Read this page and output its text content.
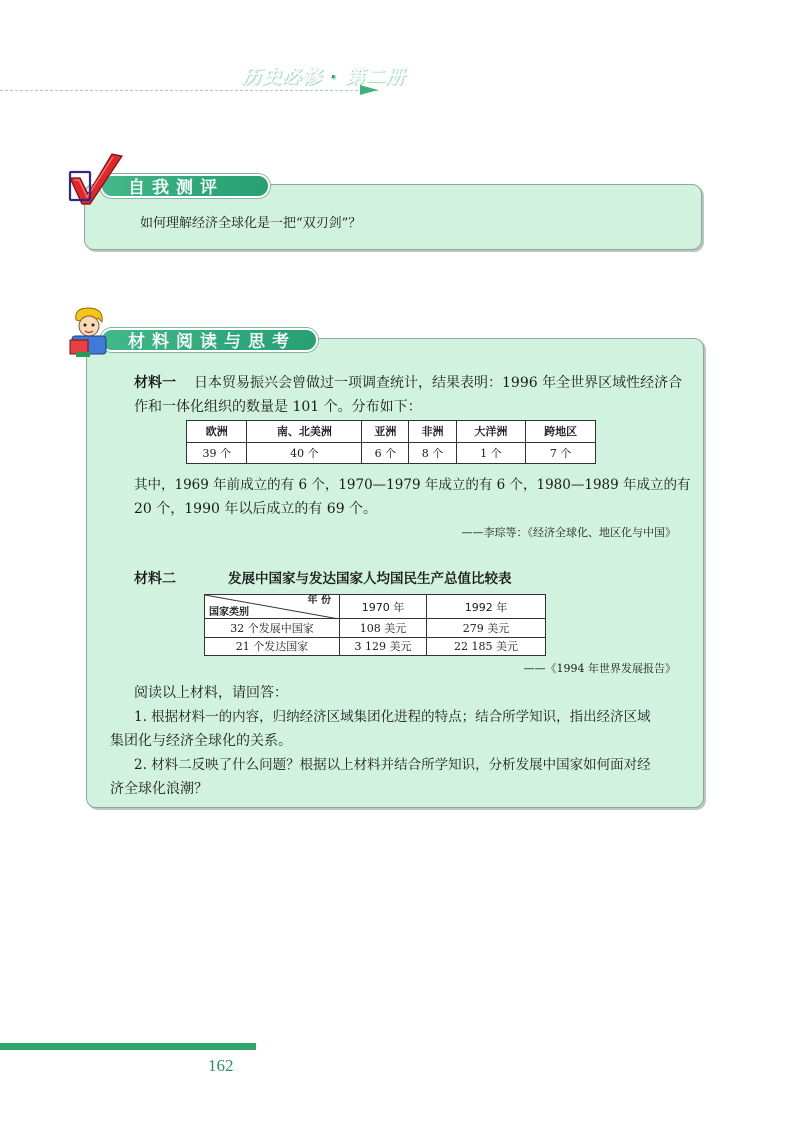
历史必修 · 第二册
自我测评
如何理解经济全球化是一把“双刃剑”？
材料阅读与思考
材料一 日本贸易振兴会曾做过一项调查统计，结果表明：1996 年全世界区域性经济合
作和一体化组织的数量是 101 个。分布如下：
欧洲	南、北美洲	亚洲	非洲	大洋洲	跨地区
39 个	40 个	6 个	8 个	1 个	7 个
其中，1969 年前成立的有 6 个，1970—1979 年成立的有 6 个，1980—1989 年成立的有
20 个，1990 年以后成立的有 69 个。
——李琮等：《经济全球化、地区化与中国》
材料二	发展中国家与发达国家人均国民生产总值比较表
年 份
国家类别	1970 年	1992 年
32 个发展中国家	108 美元	279 美元
21 个发达国家	3 129 美元	22 185 美元
——《1994 年世界发展报告》
阅读以上材料，请回答：
1. 根据材料一的内容，归纳经济区域集团化进程的特点；结合所学知识，指出经济区域
集团化与经济全球化的关系。
2. 材料二反映了什么问题？根据以上材料并结合所学知识，分析发展中国家如何面对经
济全球化浪潮？
162
